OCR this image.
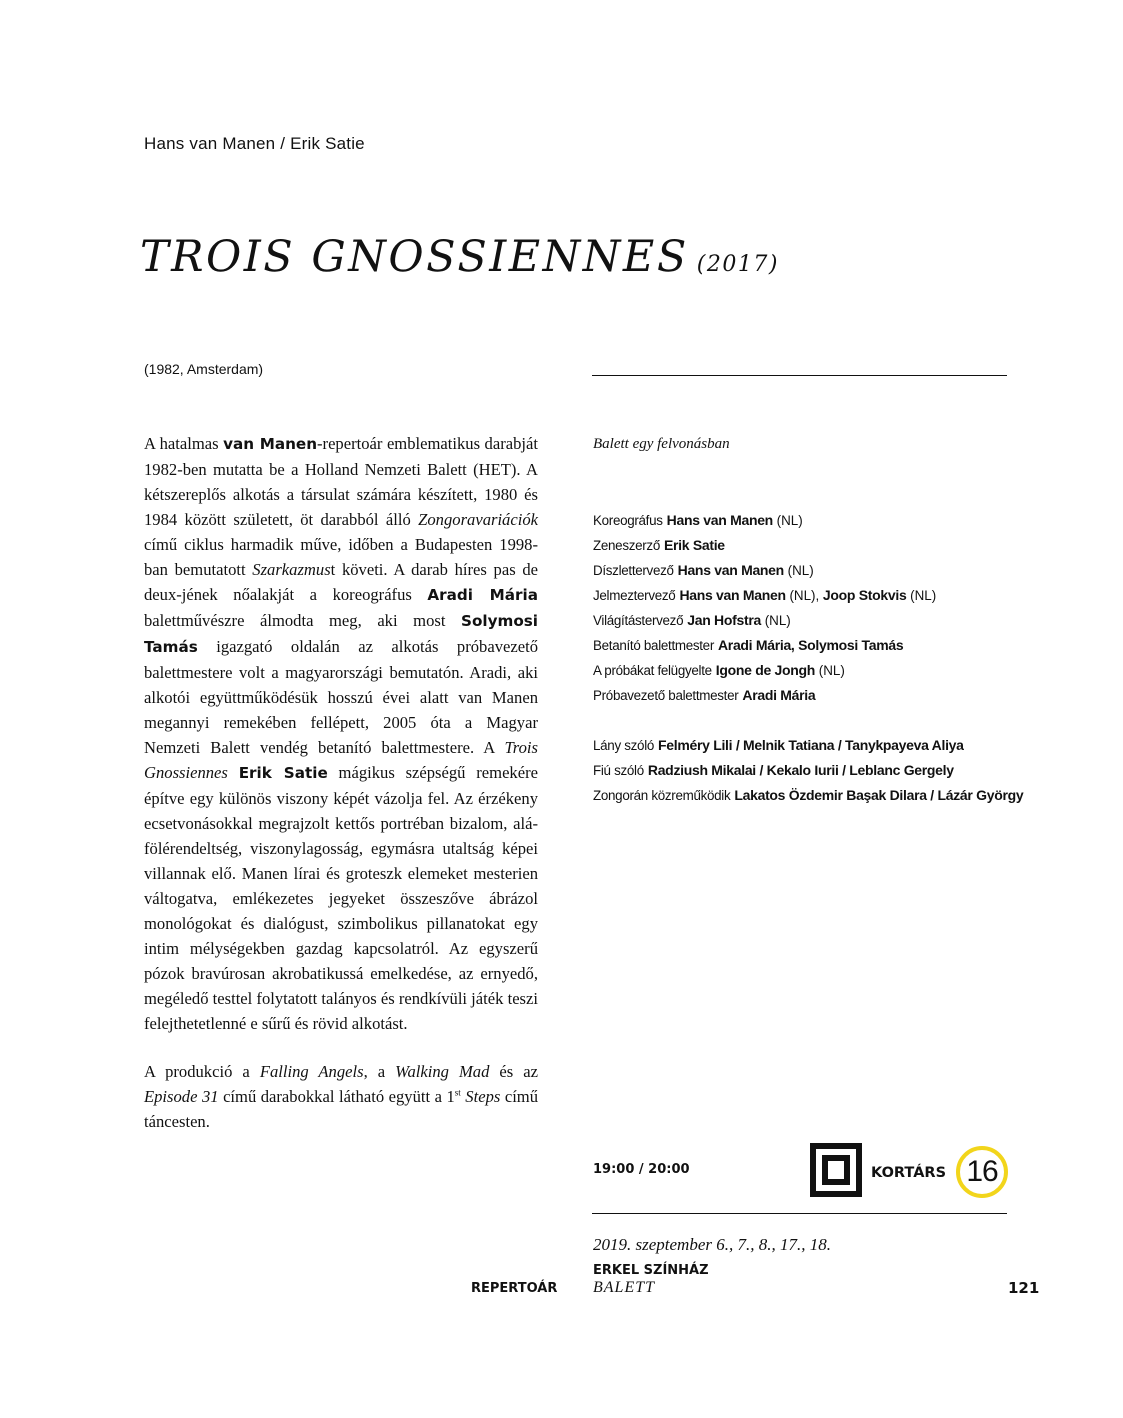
Hans van Manen / Erik Satie
TROIS GNOSSIENNES (2017)
(1982, Amsterdam)

A hatalmas van Manen-repertoár emblematikus darabját 1982-ben mutatta be a Holland Nemzeti Balett (HET). A kétszereplős alkotás a társulat számára készített, 1980 és 1984 között született, öt darabból álló Zongoravariációk című ciklus harmadik műve, időben a Budapesten 1998-ban bemutatott Szarkazmust követi. A darab híres pas de deux-jének nőalakját a koreográfus Aradi Mária balettművészre álmodta meg, aki most Solymosi Tamás igazgató oldalán az alkotás próbavezető balettmestere volt a magyarországi bemutatón. Aradi, aki alkotói együttműködésük hosszú évei alatt van Manen megannyi remekében fellépett, 2005 óta a Magyar Nemzeti Balett vendég betanító balettmestere. A Trois Gnossiennes Erik Satie mágikus szépségű remekére építve egy különös viszony képét vázolja fel. Az érzékeny ecsetvonásokkal megrajzolt kettős portréban bizalom, alá-fölérendeltség, viszonylagosság, egymásra utaltság képei villannak elő. Manen lírai és groteszk elemeket mesterien váltogatva, emlékezetes jegyeket összeszőve ábrázol monológokat és dialógust, szimbolikus pillanatokat egy intim mélységekben gazdag kapcsolatról. Az egyszerű pózok bravúrosan akrobatikussá emelkedése, az ernyedő, megéledő testtel folytatott talányos és rendkívüli játék teszi felejthetetlenné e sűrű és rövid alkotást.

A produkció a Falling Angels, a Walking Mad és az Episode 31 című darabokkal látható együtt a 1st Steps című táncesten.

Balett egy felvonásban
Koreográfus Hans van Manen (NL)
Zeneszerző Erik Satie
Díszlettervező Hans van Manen (NL)
Jelmeztervező Hans van Manen (NL), Joop Stokvis (NL)
Világítástervező Jan Hofstra (NL)
Betanító balettmester Aradi Mária, Solymosi Tamás
A próbákat felügyelte Igone de Jongh (NL)
Próbavezető balettmester Aradi Mária
Lány szóló Felméry Lili / Melnik Tatiana / Tanykpayeva Aliya
Fiú szóló Radziush Mikalai / Kekalo Iurii / Leblanc Gergely
Zongorán közreműködik Lakatos Özdemir Başak Dilara / Lázár György
19:00 / 20:00	KORTÁRS 16
2019. szeptember 6., 7., 8., 17., 18.
ERKEL SZÍNHÁZ
REPERTOÁR BALETT	121
